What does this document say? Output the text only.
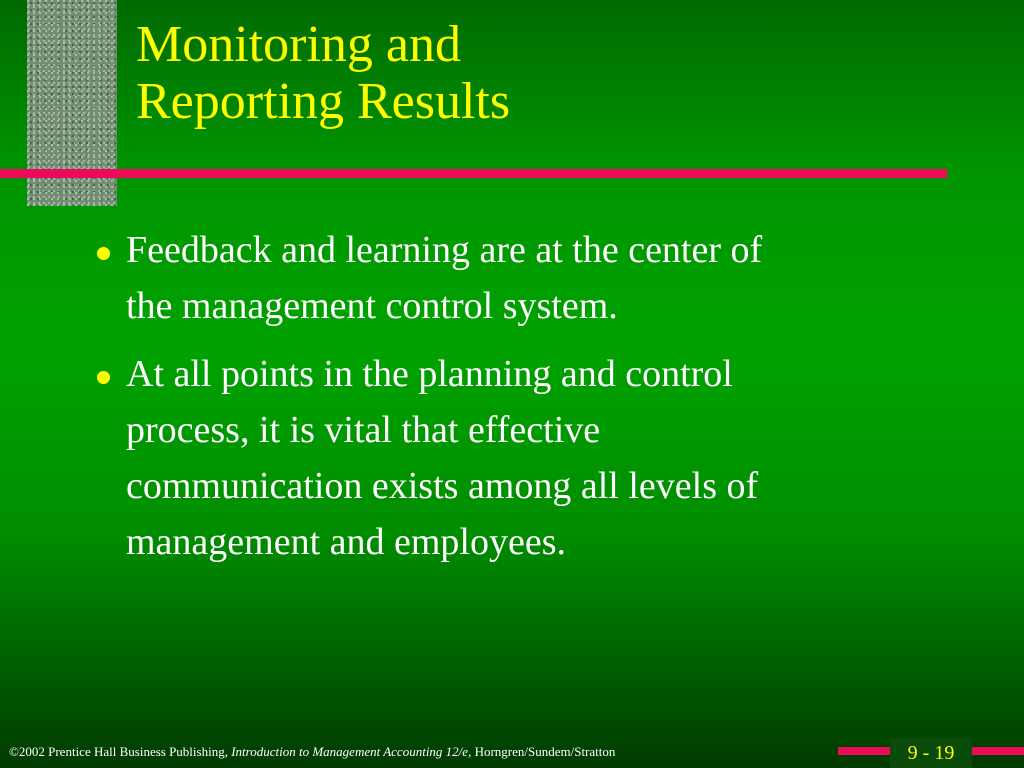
Monitoring and
Reporting Results
Feedback and learning are at the center of
the management control system.
At all points in the planning and control
process, it is vital that effective
communication exists among all levels of
management and employees.
©2002 Prentice Hall Business Publishing, Introduction to Management Accounting 12/e, Horngren/Sundem/Stratton	9 - 19
